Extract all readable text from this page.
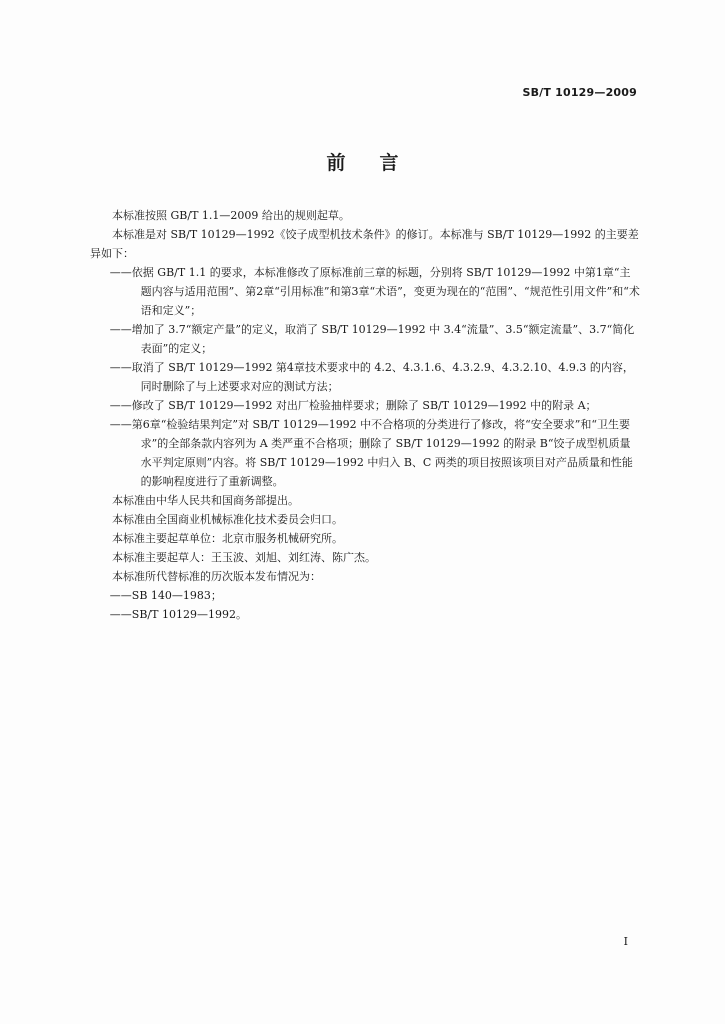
SB/T 10129—2009
前言

本标准按照 GB/T 1.1—2009 给出的规则起草。

本标准是对 SB/T 10129—1992《饺子成型机技术条件》的修订。本标准与 SB/T 10129—1992 的主要差异如下：

——依据 GB/T 1.1 的要求，本标准修改了原标准前三章的标题，分别将 SB/T 10129—1992 中第1章“主题内容与适用范围”、第2章“引用标准”和第3章“术语”，变更为现在的“范围”、“规范性引用文件”和“术语和定义”；

——增加了 3.7“额定产量”的定义，取消了 SB/T 10129—1992 中 3.4“流量”、3.5“额定流量”、3.7“简化表面”的定义；

——取消了 SB/T 10129—1992 第4章技术要求中的 4.2、4.3.1.6、4.3.2.9、4.3.2.10、4.9.3 的内容，同时删除了与上述要求对应的测试方法；

——修改了 SB/T 10129—1992 对出厂检验抽样要求；删除了 SB/T 10129—1992 中的附录 A；

——第6章“检验结果判定”对 SB/T 10129—1992 中不合格项的分类进行了修改，将“安全要求”和“卫生要求”的全部条款内容列为 A 类严重不合格项；删除了 SB/T 10129—1992 的附录 B“饺子成型机质量水平判定原则”内容。将 SB/T 10129—1992 中归入 B、C 两类的项目按照该项目对产品质量和性能的影响程度进行了重新调整。

本标准由中华人民共和国商务部提出。

本标准由全国商业机械标准化技术委员会归口。

本标准主要起草单位：北京市服务机械研究所。

本标准主要起草人：王玉波、刘旭、刘红涛、陈广杰。

本标准所代替标准的历次版本发布情况为：

——SB 140—1983；

——SB/T 10129—1992。

I
